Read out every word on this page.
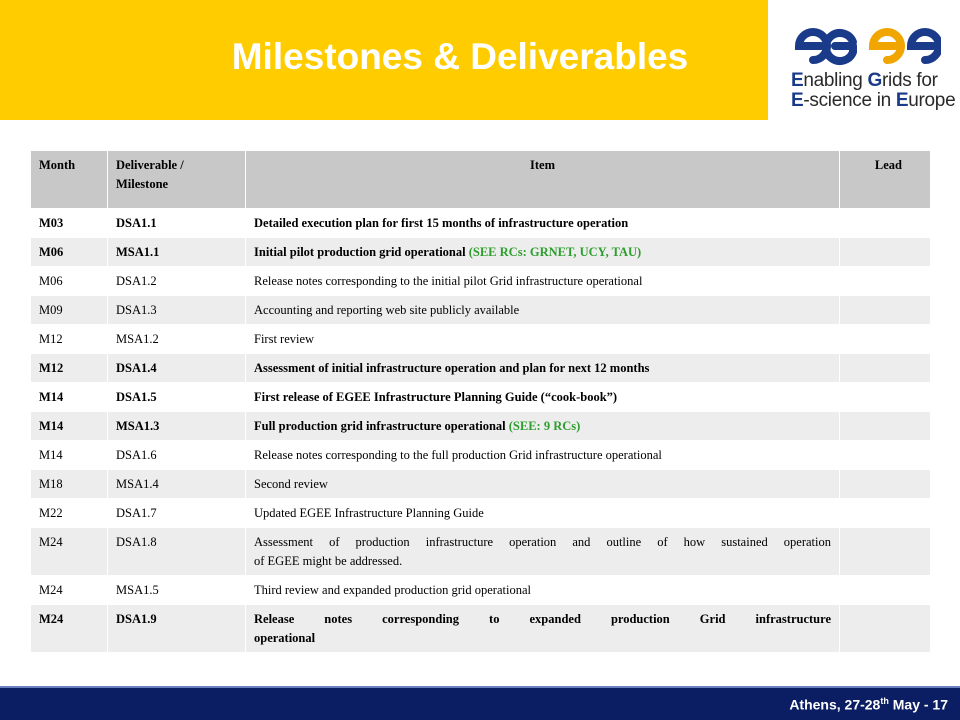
Milestones & Deliverables
Enabling Grids for
E-science in Europe
Month	Deliverable / Milestone	Item	Lead
M03	DSA1.1	Detailed execution plan for first 15 months of infrastructure operation	
M06	MSA1.1	Initial pilot production grid operational (SEE RCs: GRNET, UCY, TAU)	
M06	DSA1.2	Release notes corresponding to the initial pilot Grid infrastructure operational	
M09	DSA1.3	Accounting and reporting web site publicly available	
M12	MSA1.2	First review	
M12	DSA1.4	Assessment of initial infrastructure operation and plan for next 12 months	
M14	DSA1.5	First release of EGEE Infrastructure Planning Guide (“cook-book”)	
M14	MSA1.3	Full production grid infrastructure operational (SEE: 9 RCs)	
M14	DSA1.6	Release notes corresponding to the full production Grid infrastructure operational	
M18	MSA1.4	Second review	
M22	DSA1.7	Updated EGEE Infrastructure Planning Guide	
M24	DSA1.8	Assessment of production infrastructure operation and outline of how sustained operation
of EGEE might be addressed.	

M24	MSA1.5	Third review and expanded production grid operational	
M24	DSA1.9	Release notes corresponding to expanded production Grid infrastructure
operational	

Athens, 27-28th May - 17
